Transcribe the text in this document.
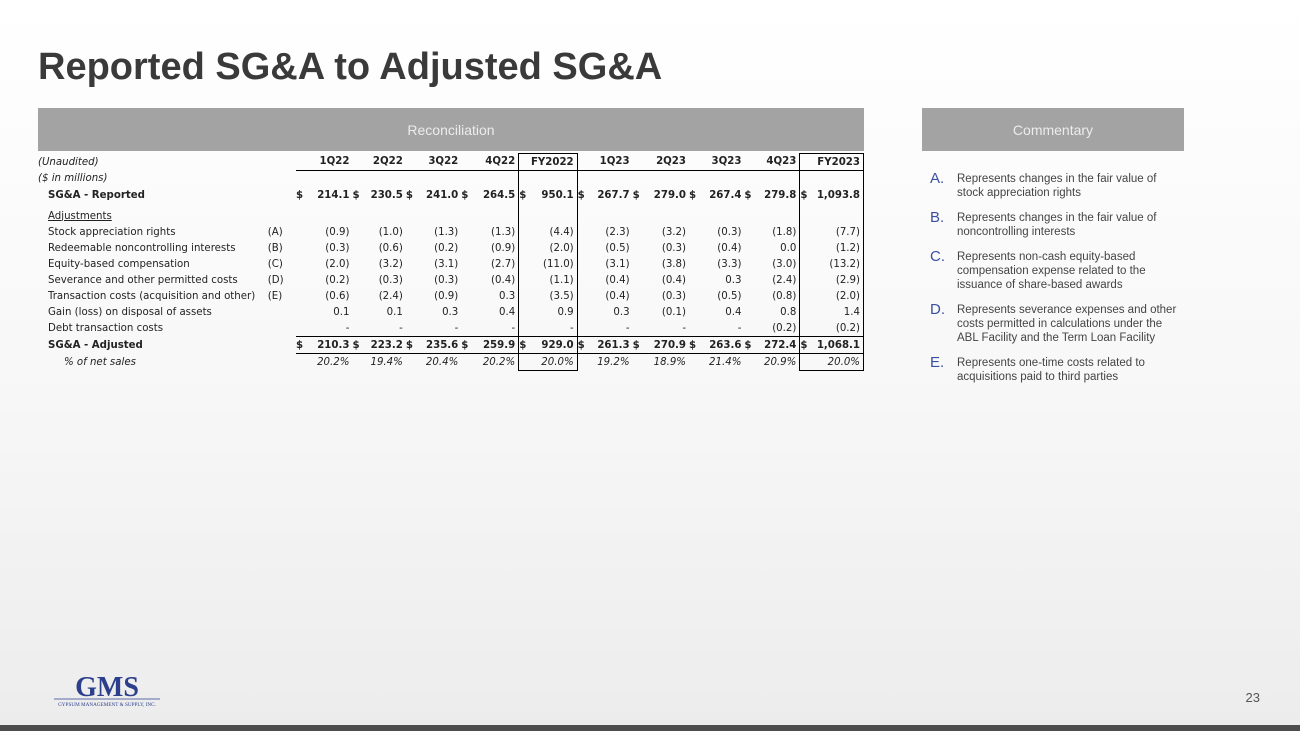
Reported SG&A to Adjusted SG&A
Reconciliation	Commentary
(Unaudited)		1Q22		2Q22		3Q22		4Q22		FY2022		1Q23		2Q23		3Q23		4Q23		FY2023	
($ in millions)																					
SG&A - Reported		$	214.1	$	230.5	$	241.0	$	264.5	$	950.1	$	267.7	$	279.0	$	267.4	$	279.8	$	1,093.8
Adjustments																					
Stock appreciation rights	(A)		(0.9)		(1.0)		(1.3)		(1.3)		(4.4)		(2.3)		(3.2)		(0.3)		(1.8)		(7.7)
Redeemable noncontrolling interests	(B)		(0.3)		(0.6)		(0.2)		(0.9)		(2.0)		(0.5)		(0.3)		(0.4)		0.0		(1.2)
Equity-based compensation	(C)		(2.0)		(3.2)		(3.1)		(2.7)		(11.0)		(3.1)		(3.8)		(3.3)		(3.0)		(13.2)
Severance and other permitted costs	(D)		(0.2)		(0.3)		(0.3)		(0.4)		(1.1)		(0.4)		(0.4)		0.3		(2.4)		(2.9)
Transaction costs (acquisition and other)	(E)		(0.6)		(2.4)		(0.9)		0.3		(3.5)		(0.4)		(0.3)		(0.5)		(0.8)		(2.0)
Gain (loss) on disposal of assets			0.1		0.1		0.3		0.4		0.9		0.3		(0.1)		0.4		0.8		1.4
Debt transaction costs			-		-		-		-		-		-		-		-		(0.2)		(0.2)
SG&A - Adjusted		$	210.3	$	223.2	$	235.6	$	259.9	$	929.0	$	261.3	$	270.9	$	263.6	$	272.4	$	1,068.1
% of net sales			20.2%		19.4%		20.4%		20.2%		20.0%		19.2%		18.9%		21.4%		20.9%		20.0%
A.	Represents changes in the fair value of stock appreciation rights
B.	Represents changes in the fair value of noncontrolling interests
C.	Represents non-cash equity-based compensation expense related to the issuance of share-based awards
D.	Represents severance expenses and other costs permitted in calculations under the ABL Facility and the Term Loan Facility
E.	Represents one-time costs related to acquisitions paid to third parties
GMS
GYPSUM MANAGEMENT & SUPPLY, INC.	23
